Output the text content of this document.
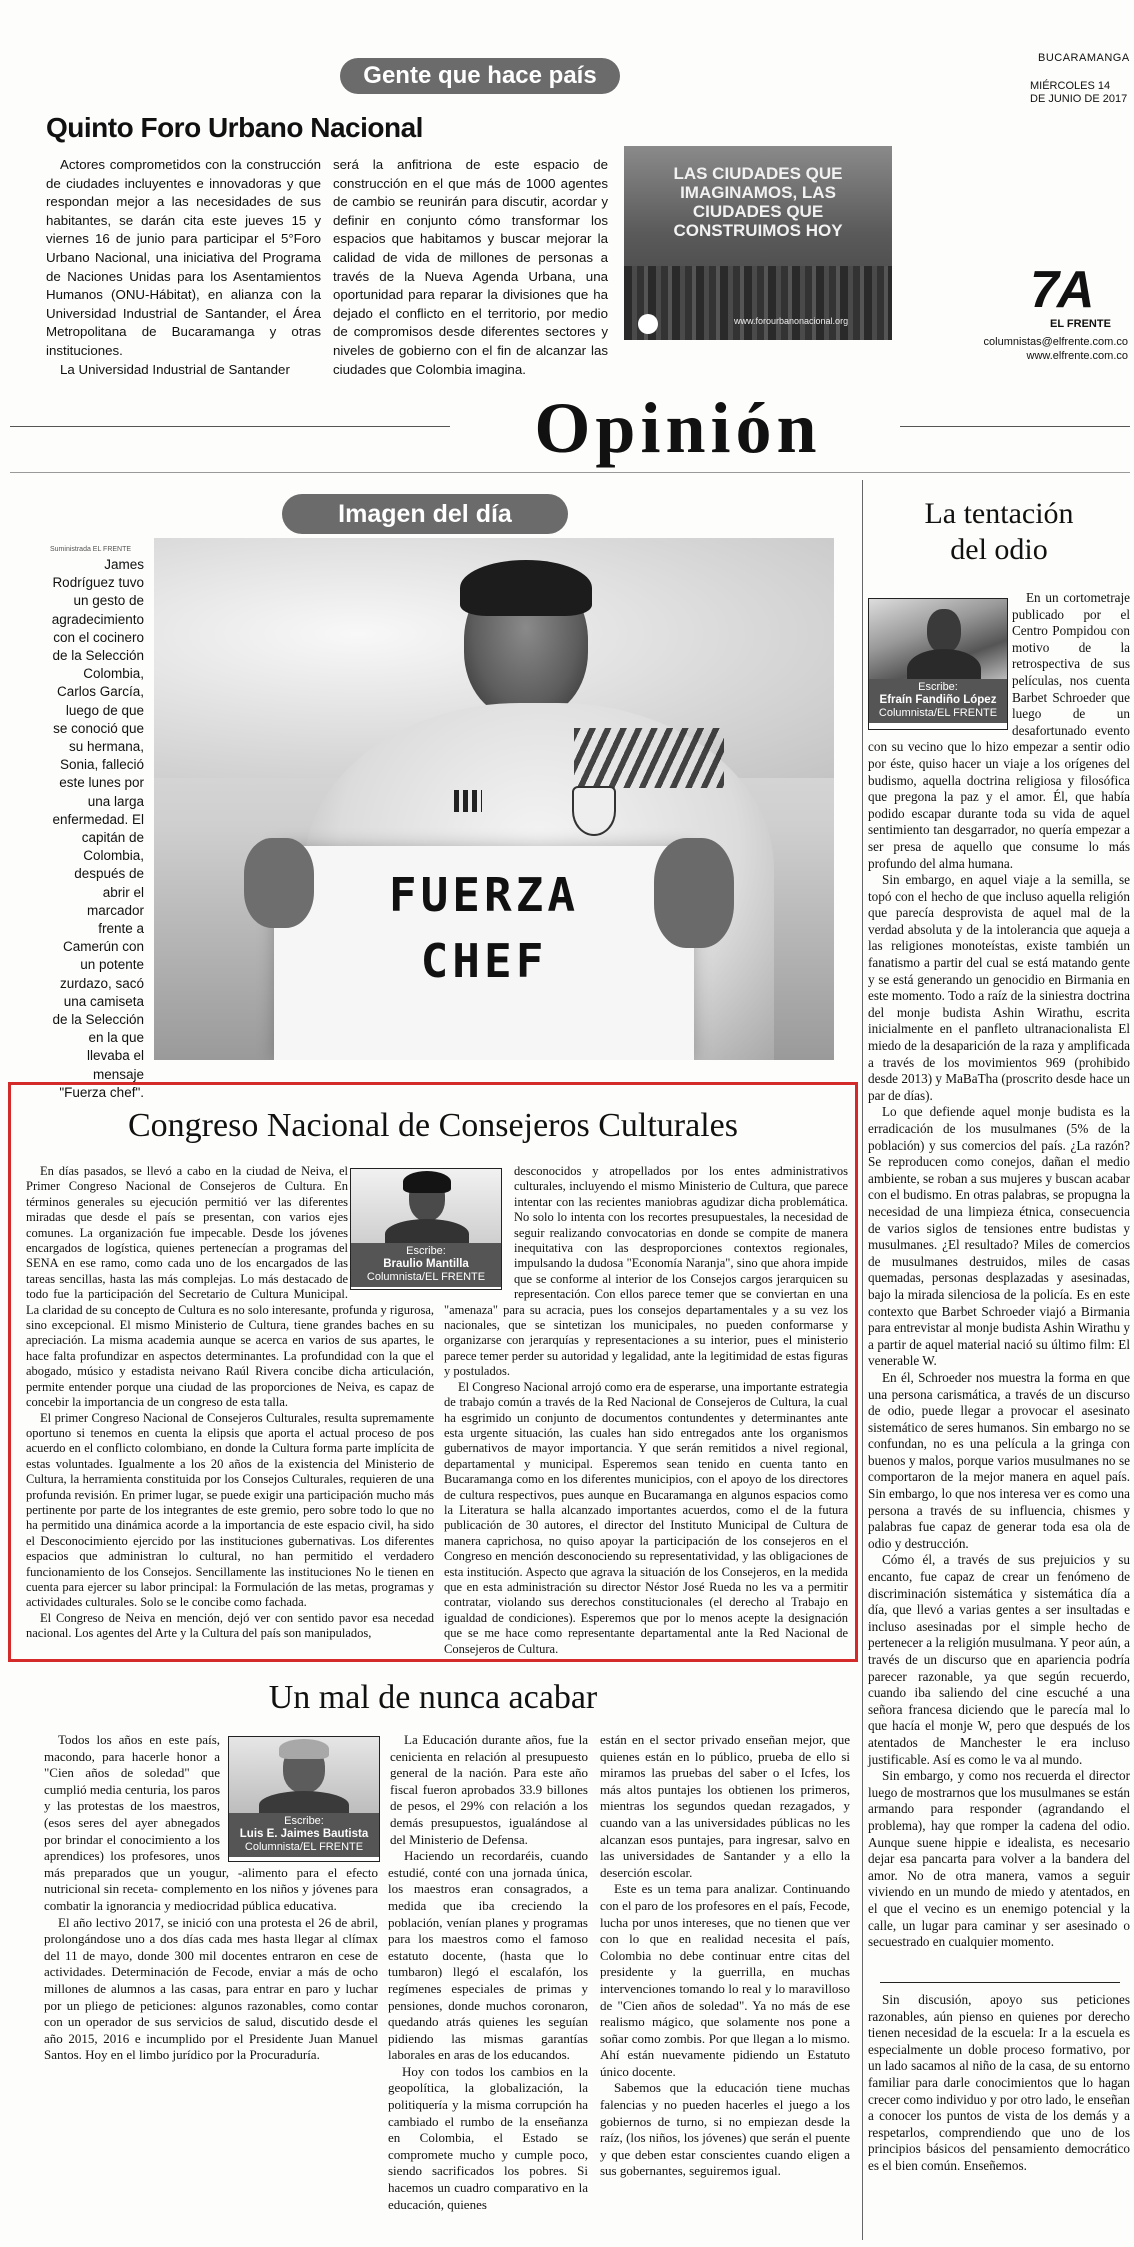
BUCARAMANGA
MIÉRCOLES 14
DE JUNIO DE 2017
7A
EL FRENTE
columnistas@elfrente.com.co
www.elfrente.com.co
Gente que hace país
Quinto Foro Urbano Nacional

Actores comprometidos con la construcción de ciudades incluyentes e innovadoras y que respondan mejor a las necesidades de sus habitantes, se darán cita este jueves 15 y viernes 16 de junio para participar el 5°Foro Urbano Nacional, una iniciativa del Programa de Naciones Unidas para los Asentamientos Humanos (ONU-Hábitat), en alianza con la Universidad Industrial de Santander, el Área Metropolitana de Bucaramanga y otras instituciones.

La Universidad Industrial de Santander

será la anfitriona de este espacio de construcción en el que más de 1000 agentes de cambio se reunirán para discutir, acordar y definir en conjunto cómo transformar los espacios que habitamos y buscar mejorar la calidad de vida de millones de personas a través de la Nueva Agenda Urbana, una oportunidad para reparar la divisiones que ha dejado el conflicto en el territorio, por medio de compromisos desde diferentes sectores y niveles de gobierno con el fin de alcanzar las ciudades que Colombia imagina.

LAS CIUDADES QUE IMAGINAMOS, LAS CIUDADES QUE CONSTRUIMOS HOY
www.forourbanonacional.org
Opinión
Imagen del día
Suministrada EL FRENTE
James Rodríguez tuvo un gesto de agradecimiento con el cocinero de la Selección Colombia, Carlos García, luego de que se conoció que su hermana, Sonia, falleció este lunes por una larga enfermedad. El capitán de Colombia, después de abrir el marcador frente a Camerún con un potente zurdazo, sacó una camiseta de la Selección en la que llevaba el mensaje "Fuerza chef".
FUERZA
CHEF
La tentación
del odio
Escribe:
Efraín Fandiño López
Columnista/EL FRENTE

En un cortometraje publicado por el Centro Pompidou con motivo de la retrospectiva de sus películas, nos cuenta Barbet Schroeder que luego de un desafortunado evento con su vecino que lo hizo empezar a sentir odio por éste, quiso hacer un viaje a los orígenes del budismo, aquella doctrina religiosa y filosófica que pregona la paz y el amor. Él, que había podido escapar durante toda su vida de aquel sentimiento tan desgarrador, no quería empezar a ser presa de aquello que consume lo más profundo del alma humana.

Sin embargo, en aquel viaje a la semilla, se topó con el hecho de que incluso aquella religión que parecía desprovista de aquel mal de la verdad absoluta y de la intolerancia que aqueja a las religiones monoteístas, existe también un fanatismo a partir del cual se está matando gente y se está generando un genocidio en Birmania en este momento. Todo a raíz de la siniestra doctrina del monje budista Ashin Wirathu, escrita inicialmente en el panfleto ultranacionalista El miedo de la desaparición de la raza y amplificada a través de los movimientos 969 (prohibido desde 2013) y MaBaTha (proscrito desde hace un par de días).

Lo que defiende aquel monje budista es la erradicación de los musulmanes (5% de la población) y sus comercios del país. ¿La razón? Se reproducen como conejos, dañan el medio ambiente, se roban a sus mujeres y buscan acabar con el budismo. En otras palabras, se propugna la necesidad de una limpieza étnica, consecuencia de varios siglos de tensiones entre budistas y musulmanes. ¿El resultado? Miles de comercios de musulmanes destruidos, miles de casas quemadas, personas desplazadas y asesinadas, bajo la mirada silenciosa de la policía. Es en este contexto que Barbet Schroeder viajó a Birmania para entrevistar al monje budista Ashin Wirathu y a partir de aquel material nació su último film: El venerable W.

En él, Schroeder nos muestra la forma en que una persona carismática, a través de un discurso de odio, puede llegar a provocar el asesinato sistemático de seres humanos. Sin embargo no se confundan, no es una película a la gringa con buenos y malos, porque varios musulmanes no se comportaron de la mejor manera en aquel país. Sin embargo, lo que nos interesa ver es como una persona a través de su influencia, chismes y palabras fue capaz de generar toda esa ola de odio y destrucción.

Cómo él, a través de sus prejuicios y su encanto, fue capaz de crear un fenómeno de discriminación sistemática y sistemática día a día, que llevó a varias gentes a ser insultadas e incluso asesinadas por el simple hecho de pertenecer a la religión musulmana. Y peor aún, a través de un discurso que en apariencia podría parecer razonable, ya que según recuerdo, cuando iba saliendo del cine escuché a una señora francesa diciendo que le parecía mal lo que hacía el monje W, pero que después de los atentados de Manchester le era incluso justificable. Así es como le va al mundo.

Sin embargo, y como nos recuerda el director luego de mostrarnos que los musulmanes se están armando para responder (agrandando el problema), hay que romper la cadena del odio. Aunque suene hippie e idealista, es necesario dejar esa pancarta para volver a la bandera del amor. No de otra manera, vamos a seguir viviendo en un mundo de miedo y atentados, en el que el vecino es un enemigo potencial y la calle, un lugar para caminar y ser asesinado o secuestrado en cualquier momento.

Sin discusión, apoyo sus peticiones razonables, aún pienso en quienes por derecho tienen necesidad de la escuela: Ir a la escuela es especialmente un doble proceso formativo, por un lado sacamos al niño de la casa, de su entorno familiar para darle conocimientos que lo hagan crecer como individuo y por otro lado, le enseñan a conocer los puntos de vista de los demás y a respetarlos, comprendiendo que uno de los principios básicos del pensamiento democrático es el bien común. Enseñemos.

Congreso Nacional de Consejeros Culturales
Escribe:
Braulio Mantilla
Columnista/EL FRENTE

En días pasados, se llevó a cabo en la ciudad de Neiva, el Primer Congreso Nacional de Consejeros de Cultura. En términos generales su ejecución permitió ver las diferentes miradas que desde el país se presentan, con varios ejes comunes. La organización fue impecable. Desde los jóvenes encargados de logística, quienes pertenecían a programas del SENA en ese ramo, como cada uno de los encargados de las tareas sencillas, hasta las más complejas. Lo más destacado de todo fue la participación del Secretario de Cultura Municipal. La claridad de su concepto de Cultura es no solo interesante, profunda y rigurosa, sino excepcional. El mismo Ministerio de Cultura, tiene grandes baches en su apreciación. La misma academia aunque se acerca en varios de sus apartes, le hace falta profundizar en aspectos determinantes. La profundidad con la que el abogado, músico y estadista neivano Raúl Rivera concibe dicha articulación, permite entender porque una ciudad de las proporciones de Neiva, es capaz de concebir la importancia de un congreso de esta talla.

El primer Congreso Nacional de Consejeros Culturales, resulta supremamente oportuno si tenemos en cuenta la elipsis que aporta el actual proceso de pos acuerdo en el conflicto colombiano, en donde la Cultura forma parte implícita de estas voluntades. Igualmente a los 20 años de la existencia del Ministerio de Cultura, la herramienta constituida por los Consejos Culturales, requieren de una profunda revisión. En primer lugar, se puede exigir una participación mucho más pertinente por parte de los integrantes de este gremio, pero sobre todo lo que no ha permitido una dinámica acorde a la importancia de este espacio civil, ha sido el Desconocimiento ejercido por las instituciones gubernativas. Los diferentes espacios que administran lo cultural, no han permitido el verdadero funcionamiento de los Consejos. Sencillamente las instituciones No le tienen en cuenta para ejercer su labor principal: la Formulación de las metas, programas y actividades culturales. Solo se le concibe como fachada.

El Congreso de Neiva en mención, dejó ver con sentido pavor esa necedad nacional. Los agentes del Arte y la Cultura del país son manipulados,

desconocidos y atropellados por los entes administrativos culturales, incluyendo el mismo Ministerio de Cultura, que parece intentar con las recientes maniobras agudizar dicha problemática. No solo lo intenta con los recortes presupuestales, la necesidad de seguir realizando convocatorias en donde se compite de manera inequitativa con las desproporciones contextos regionales, impulsando la dudosa "Economía Naranja", sino que ahora impide que se conforme al interior de los Consejos cargos jerarquicen su representación. Con ellos parece temer que se conviertan en una "amenaza" para su acracia, pues los consejos departamentales y a su vez los nacionales, que se sintetizan los municipales, no pueden conformarse y organizarse con jerarquías y representaciones a su interior, pues el ministerio parece temer perder su autoridad y legalidad, ante la legitimidad de estas figuras y postulados.

El Congreso Nacional arrojó como era de esperarse, una importante estrategia de trabajo común a través de la Red Nacional de Consejeros de Cultura, la cual ha esgrimido un conjunto de documentos contundentes y determinantes ante esta urgente situación, las cuales han sido entregados ante los organismos gubernativos de mayor importancia. Y que serán remitidos a nivel regional, departamental y municipal. Esperemos sean tenido en cuenta tanto en Bucaramanga como en los diferentes municipios, con el apoyo de los directores de cultura respectivos, pues aunque en Bucaramanga en algunos espacios como la Literatura se halla alcanzado importantes acuerdos, como el de la futura publicación de 30 autores, el director del Instituto Municipal de Cultura de manera caprichosa, no quiso apoyar la participación de los consejeros en el Congreso en mención desconociendo su representatividad, y las obligaciones de esta institución. Aspecto que agrava la situación de los Consejeros, en la medida que en esta administración su director Néstor José Rueda no les va a permitir contratar, violando sus derechos constitucionales (el derecho al Trabajo en igualdad de condiciones). Esperemos que por lo menos acepte la designación que se me hace como representante departamental ante la Red Nacional de Consejeros de Cultura.

Un mal de nunca acabar
Escribe:
Luis E. Jaimes Bautista
Columnista/EL FRENTE

Todos los años en este país, macondo, para hacerle honor a "Cien años de soledad" que cumplió media centuria, los paros y las protestas de los maestros, (esos seres del ayer abnegados por brindar el conocimiento a los aprendices) los profesores, unos más preparados que un yougur, -alimento para el efecto nutricional sin receta- complemento en los niños y jóvenes para combatir la ignorancia y mediocridad pública educativa.

El año lectivo 2017, se inició con una protesta el 26 de abril, prolongándose uno a dos días cada mes hasta llegar al clímax del 11 de mayo, donde 300 mil docentes entraron en cese de actividades. Determinación de Fecode, enviar a más de ocho millones de alumnos a las casas, para entrar en paro y luchar por un pliego de peticiones: algunos razonables, como contar con un operador de sus servicios de salud, discutido desde el año 2015, 2016 e incumplido por el Presidente Juan Manuel Santos. Hoy en el limbo jurídico por la Procuraduría.

La Educación durante años, fue la cenicienta en relación al presupuesto general de la nación. Para este año fiscal fueron aprobados 33.9 billones de pesos, el 29% con relación a los demás presupuestos, igualándose al del Ministerio de Defensa.

Haciendo un recordaréis, cuando estudié, conté con una jornada única, los maestros eran consagrados, a medida que iba creciendo la población, venían planes y programas para los maestros como el famoso estatuto docente, (hasta que lo tumbaron) llegó el escalafón, los regímenes especiales de primas y pensiones, donde muchos coronaron, quedando atrás quienes les seguían pidiendo las mismas garantías laborales en aras de los educandos.

Hoy con todos los cambios en la geopolítica, la globalización, la politiquería y la misma corrupción ha cambiado el rumbo de la enseñanza en Colombia, el Estado se compromete mucho y cumple poco, siendo sacrificados los pobres. Si hacemos un cuadro comparativo en la educación, quienes

están en el sector privado enseñan mejor, que quienes están en lo público, prueba de ello si miramos las pruebas del saber o el Icfes, los más altos puntajes los obtienen los primeros, mientras los segundos quedan rezagados, y cuando van a las universidades públicas no les alcanzan esos puntajes, para ingresar, salvo en las universidades de Santander y a ello la deserción escolar.

Este es un tema para analizar. Continuando con el paro de los profesores en el país, Fecode, lucha por unos intereses, que no tienen que ver con lo que en realidad necesita el país, Colombia no debe continuar entre citas del presidente y la guerrilla, en muchas intervenciones tomando lo real y lo maravilloso de "Cien años de soledad". Ya no más de ese realismo mágico, que solamente nos pone a soñar como zombis. Por que llegan a lo mismo. Ahí están nuevamente pidiendo un Estatuto único docente.

Sabemos que la educación tiene muchas falencias y no pueden hacerles el juego a los gobiernos de turno, si no empiezan desde la raíz, (los niños, los jóvenes) que serán el puente y que deben estar conscientes cuando eligen a sus gobernantes, seguiremos igual.
